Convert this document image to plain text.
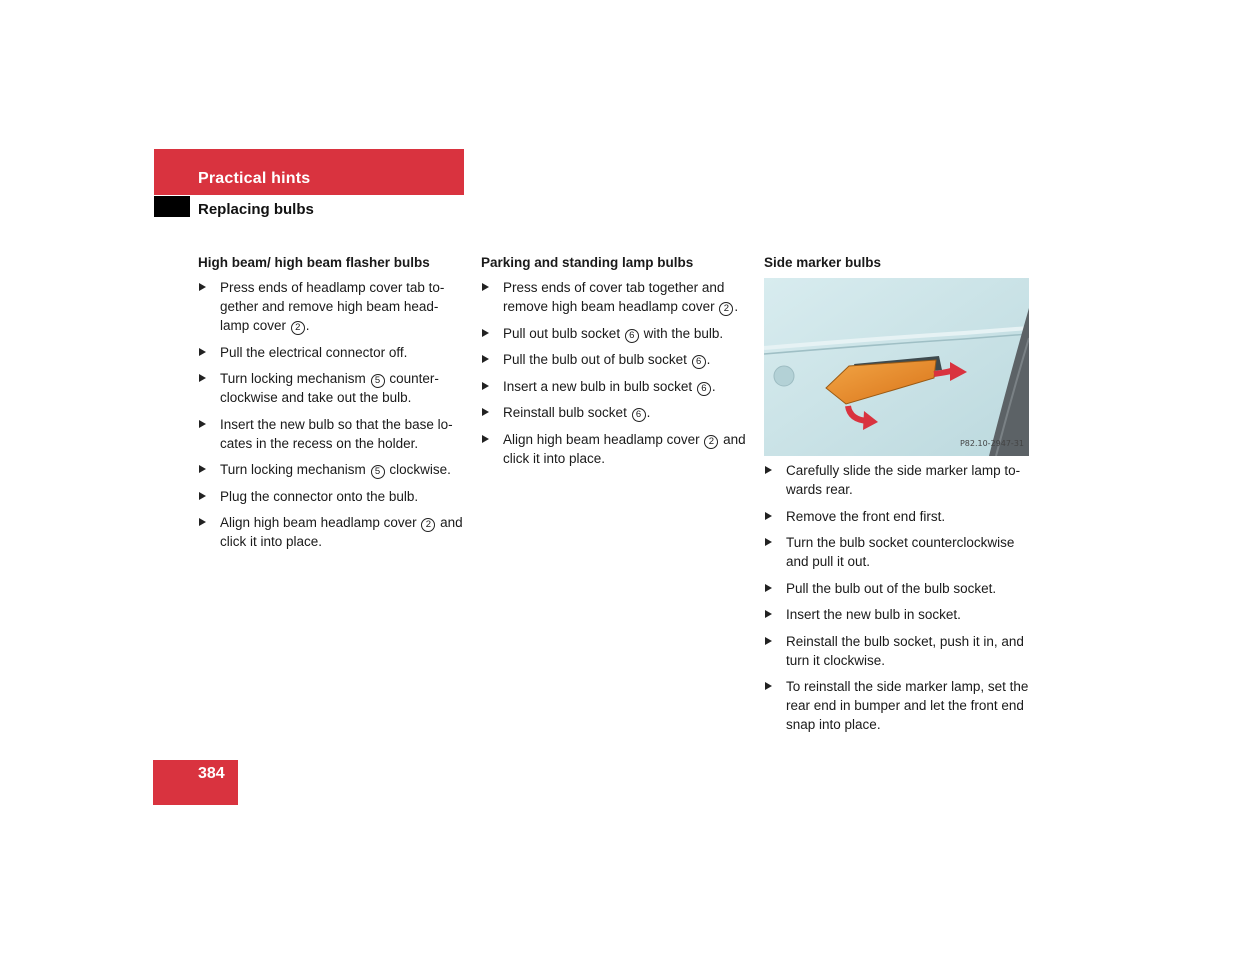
Practical hints
Replacing bulbs
High beam/ high beam flasher bulbs
Press ends of headlamp cover tab to-gether and remove high beam head-lamp cover 2 .
Pull the electrical connector off.
Turn locking mechanism 5 counter-clockwise and take out the bulb.
Insert the new bulb so that the base lo-cates in the recess on the holder.
Turn locking mechanism 5 clockwise.
Plug the connector onto the bulb.
Align high beam headlamp cover 2 and click it into place.
Parking and standing lamp bulbs
Press ends of cover tab together and remove high beam headlamp cover 2 .
Pull out bulb socket 6 with the bulb.
Pull the bulb out of bulb socket 6 .
Insert a new bulb in bulb socket 6 .
Reinstall bulb socket 6 .
Align high beam headlamp cover 2 and click it into place.
Side marker bulbs
P82.10-2947-31
Carefully slide the side marker lamp to-wards rear.
Remove the front end first.
Turn the bulb socket counterclockwise and pull it out.
Pull the bulb out of the bulb socket.
Insert the new bulb in socket.
Reinstall the bulb socket, push it in, and turn it clockwise.
To reinstall the side marker lamp, set the rear end in bumper and let the front end snap into place.
384
